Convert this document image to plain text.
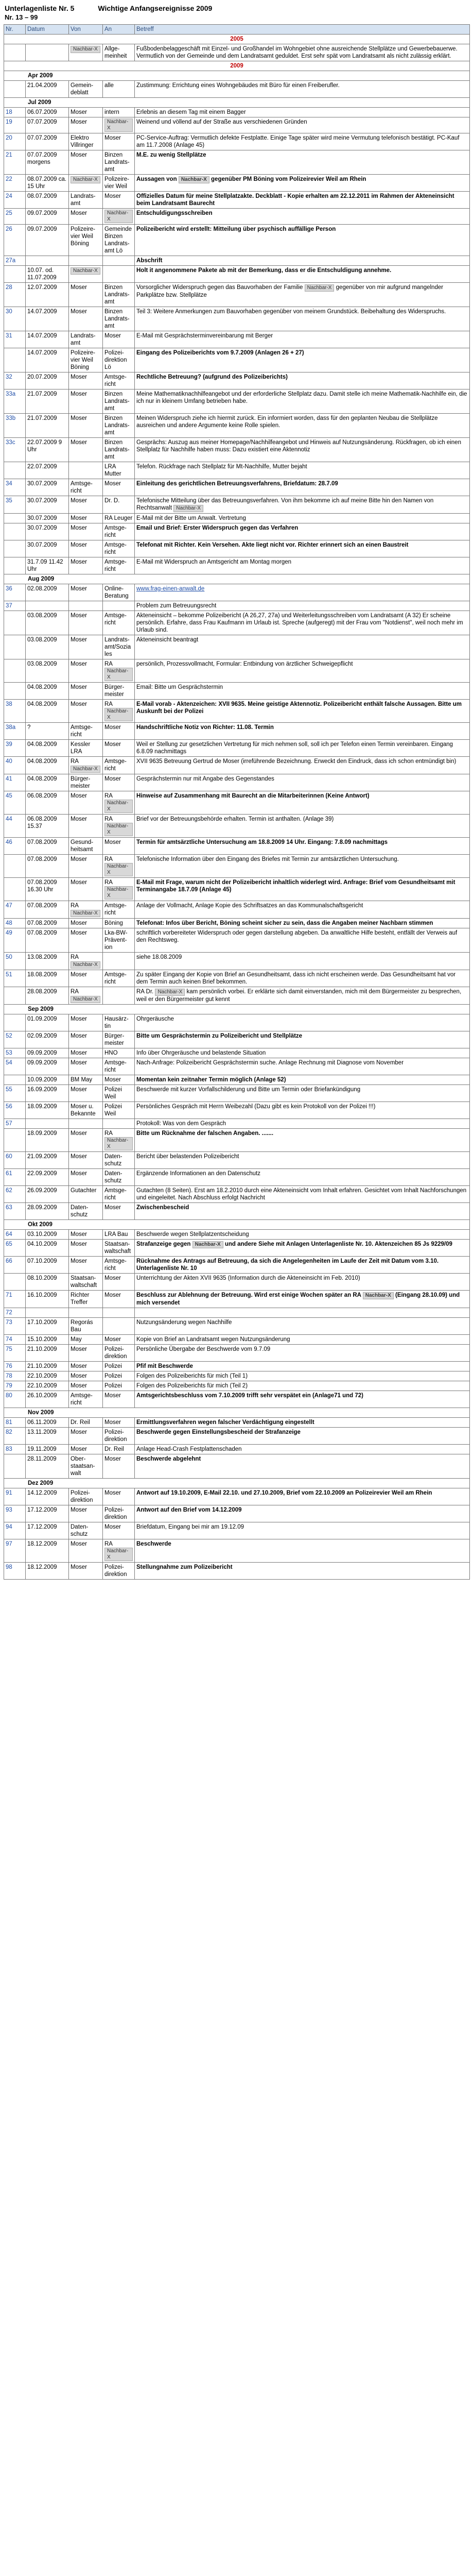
Unterlagenliste Nr. 5	Wichtige Anfangsereignisse 2009
Nr. 13 – 99
Nr.	Datum	Von	An	Betreff
2005				
		Nachbar-X	Allge-meinheit	Fußbodenbelaggeschäft mit Einzel- und Großhandel im Wohngebiet ohne ausreichende Stellplätze und Gewerbebauerwe. Vermutlich von der Gemeinde und dem Landratsamt geduldet. Erst sehr spät vom Landratsamt als nicht zulässig erklärt.
2009				
Apr 2009				
	21.04.2009	Gemein-deblatt	alle	Zustimmung: Errichtung eines Wohngebäudes mit Büro für einen Freiberufler.
Jul 2009				
18	06.07.2009	Moser	intern	Erlebnis an diesem Tag mit einem Bagger
19	07.07.2009	Moser	Nachbar-X	Weinend und völlend auf der Straße aus verschiedenen Gründen
20	07.07.2009	Elektro Villringer	Moser	PC-Service-Auftrag: Vermutlich defekte Festplatte. Einige Tage später wird meine Vermutung telefonisch bestätigt. PC-Kauf am 11.7.2008 (Anlage 45)
21	07.07.2009 morgens	Moser	Binzen Landrats-amt	M.E. zu wenig Stellplätze
22	08.07.2009 ca. 15 Uhr	Nachbar-X	Polizeire-vier Weil	Aussagen von Nachbar-X gegenüber PM Böning vom Polizeirevier Weil am Rhein
24	08.07.2009	Landrats-amt	Moser	Offizielles Datum für meine Stellplatzakte. Deckblatt - Kopie erhalten am 22.12.2011 im Rahmen der Akteneinsicht beim Landratsamt Baurecht
25	09.07.2009	Moser	Nachbar-X	Entschuldigungsschreiben
26	09.07.2009	Polizeire-vier Weil Böning	Gemeinde Binzen Landrats-amt Lö	Polizeibericht wird erstellt: Mitteilung über psychisch auffällige Person
27a				Abschrift
	10.07. od. 11.07.2009	Nachbar-X		Holt it angenommene Pakete ab mit der Bemerkung, dass er die Entschuldigung annehme.
28	12.07.2009	Moser	Binzen Landrats-amt	Vorsorglicher Widerspruch gegen das Bauvorhaben der Familie Nachbar-X gegenüber von mir aufgrund mangelnder Parkplätze bzw. Stellplätze
30	14.07.2009	Moser	Binzen Landrats-amt	Teil 3: Weitere Anmerkungen zum Bauvorhaben gegenüber von meinem Grundstück. Beibehaltung des Widerspruchs.
31	14.07.2009	Landrats-amt	Moser	E-Mail mit Gesprächsterminvereinbarung mit Berger
	14.07.2009	Polizeire-vier Weil Böning	Polizei-direktion Lö	Eingang des Polizeiberichts vom 9.7.2009 (Anlagen 26 + 27)
32	20.07.2009	Moser	Amtsge-richt	Rechtliche Betreuung? (aufgrund des Polizeiberichts)
33a	21.07.2009	Moser	Binzen Landrats-amt	Meine Mathematiknachhilfeangebot und der erforderliche Stellplatz dazu. Damit stelle ich meine Mathematik-Nachhilfe ein, die ich nur in kleinem Umfang betrieben habe.
33b	21.07.2009	Moser	Binzen Landrats-amt	Meinen Widerspruch ziehe ich hiermit zurück. Ein informiert worden, dass für den geplanten Neubau die Stellplätze ausreichen und andere Argumente keine Rolle spielen.
33c	22.07.2009 9 Uhr	Moser	Binzen Landrats-amt	Gesprächs: Auszug aus meiner Homepage/Nachhilfeangebot und Hinweis auf Nutzungsänderung. Rückfragen, ob ich einen Stellplatz für Nachhilfe haben muss: Dazu existiert eine Aktennotiz
	22.07.2009		LRA Mutter	Telefon. Rückfrage nach Stellplatz für Mt-Nachhilfe, Mutter bejaht
34	30.07.2009	Amtsge-richt	Moser	Einleitung des gerichtlichen Betreuungsverfahrens, Briefdatum: 28.7.09
35	30.07.2009	Moser	Dr. D.	Telefonische Mitteilung über das Betreuungsverfahren. Von ihm bekomme ich auf meine Bitte hin den Namen von Rechtsanwalt Nachbar-X
	30.07.2009	Moser	RA Leuger	E-Mail mit der Bitte um Anwalt. Vertretung
	30.07.2009	Moser	Amtsge-richt	Email und Brief: Erster Widerspruch gegen das Verfahren
	30.07.2009	Moser	Amtsge-richt	Telefonat mit Richter. Kein Versehen. Akte liegt nicht vor. Richter erinnert sich an einen Baustreit
	31.7.09 11.42 Uhr	Moser	Amtsge-richt	E-Mail mit Widerspruch an Amtsgericht am Montag morgen
Aug 2009				
36	02.08.2009	Moser	Online-Beratung	www.frag-einen-anwalt.de
37				Problem zum Betreuungsrecht
	03.08.2009	Moser	Amtsge-richt	Akteneinsicht – bekomme Polizeibericht (A 26,27, 27a) und Weiterleitungsschreiben vom Landratsamt (A 32) Er scheine persönlich. Erfahre, dass Frau Kaufmann im Urlaub ist. Spreche (aufgeregt) mit der Frau vom "Notdienst", weil noch mehr im Urlaub sind.
	03.08.2009	Moser	Landrats-amt/Sozia les	Akteneinsicht beantragt
	03.08.2009	Moser	RA Nachbar-X	persönlich, Prozessvollmacht, Formular: Entbindung von ärztlicher Schweigepflicht
	04.08.2009	Moser	Bürger-meister	Email: Bitte um Gesprächstermin
38	04.08.2009	Moser	RA Nachbar-X	E-Mail vorab - Aktenzeichen: XVII 9635. Meine geistige Aktennotiz. Polizeibericht enthält falsche Aussagen. Bitte um Auskunft bei der Polizei
38a	?	Amtsge-richt	Moser	Handschriftliche Notiz von Richter: 11.08. Termin
39	04.08.2009	Kessler LRA	Moser	Weil er Stellung zur gesetzlichen Vertretung für mich nehmen soll, soll ich per Telefon einen Termin vereinbaren. Eingang 6.8.09 nachmittags
40	04.08.2009	RA Nachbar-X	Amtsge-richt	XVII 9635 Betreuung Gertrud de Moser (irreführende Bezeichnung. Erweckt den Eindruck, dass ich schon entmündigt bin)
41	04.08.2009	Bürger-meister	Moser	Gesprächstermin nur mit Angabe des Gegenstandes
45	06.08.2009	Moser	RA Nachbar-X	Hinweise auf Zusammenhang mit Baurecht an die Mitarbeiterinnen (Keine Antwort)
44	06.08.2009 15.37	Moser	RA Nachbar-X	Brief vor der Betreuungsbehörde erhalten. Termin ist anthalten. (Anlage 39)
46	07.08.2009	Gesund-heitsamt	Moser	Termin für amtsärztliche Untersuchung am 18.8.2009 14 Uhr. Eingang: 7.8.09 nachmittags
	07.08.2009	Moser	RA Nachbar-X	Telefonische Information über den Eingang des Briefes mit Termin zur amtsärztlichen Untersuchung.
	07.08.2009 16.30 Uhr	Moser	RA Nachbar-X	E-Mail mit Frage, warum nicht der Polizeibericht inhaltlich widerlegt wird. Anfrage: Brief vom Gesundheitsamt mit Terminangabe 18.7.09 (Anlage 45)
47	07.08.2009	RA Nachbar-X	Amtsge-richt	Anlage der Vollmacht, Anlage Kopie des Schriftsatzes an das Kommunalschaftsgericht
48	07.08.2009	Moser	Böning	Telefonat: Infos über Bericht, Böning scheint sicher zu sein, dass die Angaben meiner Nachbarn stimmen
49	07.08.2009	Moser	Lka-BW-Prävent-ion	schriftlich vorbereiteter Widerspruch oder gegen darstellung abgeben. Da anwaltliche Hilfe besteht, entfällt der Verweis auf den Rechtsweg.
50	13.08.2009	RA Nachbar-X		siehe 18.08.2009
51	18.08.2009	Moser	Amtsge-richt	Zu später Eingang der Kopie von Brief an Gesundheitsamt, dass ich nicht erscheinen werde. Das Gesundheitsamt hat vor dem Termin auch keinen Brief bekommen.
	28.08.2009	RA Nachbar-X		RA Dr. Nachbar-X kam persönlich vorbei. Er erklärte sich damit einverstanden, mich mit dem Bürgermeister zu besprechen, weil er den Bürgermeister gut kennt
Sep 2009				
	01.09.2009	Moser	Hausärz-tin	Ohrgeräusche
52	02.09.2009	Moser	Bürger-meister	Bitte um Gesprächstermin zu Polizeibericht und Stellplätze
53	09.09.2009	Moser	HNO	Info über Ohrgeräusche und belastende Situation
54	09.09.2009	Moser	Amtsge-richt	Nach-Anfrage: Polizeibericht Gesprächstermin suche. Anlage Rechnung mit Diagnose vom November
	10.09.2009	BM May	Moser	Momentan kein zeitnaher Termin möglich (Anlage 52)
55	16.09.2009	Moser	Polizei Weil	Beschwerde mit kurzer Vorfallschilderung und Bitte um Termin oder Briefankündigung
56	18.09.2009	Moser u. Bekannte	Polizei Weil	Persönliches Gespräch mit Herrn Weibezahl (Dazu gibt es kein Protokoll von der Polizei !!!)
57				Protokoll: Was von dem Gespräch
	18.09.2009	Moser	RA Nachbar-X	Bitte um Rücknahme der falschen Angaben. .......
60	21.09.2009	Moser	Daten-schutz	Bericht über belastenden Polizeibericht
61	22.09.2009	Moser	Daten-schutz	Ergänzende Informationen an den Datenschutz
62	26.09.2009	Gutachter	Amtsge-richt	Gutachten (8 Seiten). Erst am 18.2.2010 durch eine Akteneinsicht vom Inhalt erfahren. Gesichtet vom Inhalt Nachforschungen und eingeleitet. Nach Abschluss erfolgt Nachricht
63	28.09.2009	Daten-schutz	Moser	Zwischenbescheid
Okt 2009				
64	03.10.2009	Moser	LRA Bau	Beschwerde wegen Stellplatzentscheidung
65	04.10.2009	Moser	Staatsan-waltschaft	Strafanzeige gegen Nachbar-X und andere Siehe mit Anlagen Unterlagenliste Nr. 10. Aktenzeichen 85 Js 9229/09
66	07.10.2009	Moser	Amtsge-richt	Rücknahme des Antrags auf Betreuung, da sich die Angelegenheiten im Laufe der Zeit mit Datum vom 3.10. Unterlagenliste Nr. 10
	08.10.2009	Staatsan-waltschaft	Moser	Unterrichtung der Akten XVII 9635 (Information durch die Akteneinsicht im Feb. 2010)
71	16.10.2009	Richter Treffer	Moser	Beschluss zur Ablehnung der Betreuung. Wird erst einige Wochen später an RA Nachbar-X (Eingang 28.10.09) und mich versendet
72				
73	17.10.2009	Regorás Bau		Nutzungsänderung wegen Nachhilfe
74	15.10.2009	May	Moser	Kopie von Brief an Landratsamt wegen Nutzungsänderung
75	21.10.2009	Moser	Polizei-direktion	Persönliche Übergabe der Beschwerde vom 9.7.09
76	21.10.2009	Moser	Polizei	Pfif mit Beschwerde
78	22.10.2009	Moser	Polizei	Folgen des Polizeiberichts für mich (Teil 1)
79	22.10.2009	Moser	Polizei	Folgen des Polizeiberichts für mich (Teil 2)
80	26.10.2009	Amtsge-richt	Moser	Amtsgerichtsbeschluss vom 7.10.2009 trifft sehr verspätet ein (Anlage71 und 72)
Nov 2009				
81	06.11.2009	Dr. Reil	Moser	Ermittlungsverfahren wegen falscher Verdächtigung eingestellt
82	13.11.2009	Moser	Polizei-direktion	Beschwerde gegen Einstellungsbescheid der Strafanzeige
83	19.11.2009	Moser	Dr. Reil	Anlage Head-Crash Festplattenschaden
	28.11.2009	Ober-staatsan-walt	Moser	Beschwerde abgelehnt
Dez 2009				
91	14.12.2009	Polizei-direktion	Moser	Antwort auf 19.10.2009, E-Mail 22.10. und 27.10.2009, Brief vom 22.10.2009 an Polizeirevier Weil am Rhein
93	17.12.2009	Moser	Polizei-direktion	Antwort auf den Brief vom 14.12.2009
94	17.12.2009	Daten-schutz	Moser	Briefdatum, Eingang bei mir am 19.12.09
97	18.12.2009	Moser	RA Nachbar-X	Beschwerde
98	18.12.2009	Moser	Polizei-direktion	Stellungnahme zum Polizeibericht
